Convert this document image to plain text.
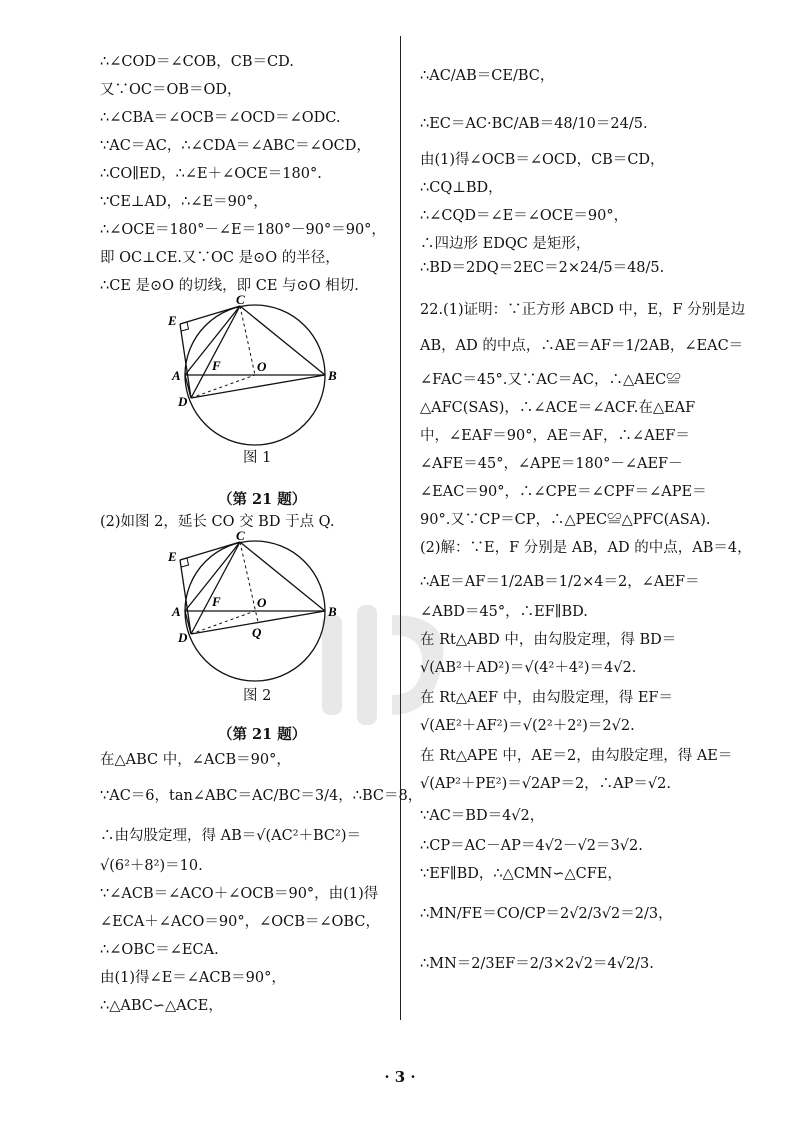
∴∠COD＝∠COB，CB＝CD.
又∵OC＝OB＝OD，
∴∠CBA＝∠OCB＝∠OCD＝∠ODC.
∵AC＝AC，∴∠CDA＝∠ABC＝∠OCD，
∴CO∥ED，∴∠E＋∠OCE＝180°.
∵CE⊥AD，∴∠E＝90°，
∴∠OCE＝180°－∠E＝180°－90°＝90°，
即 OC⊥CE.又∵OC 是⊙O 的半径，
∴CE 是⊙O 的切线，即 CE 与⊙O 相切.
C
E
A
F	O
B
D
图 1
（第 21 题）
(2)如图 2，延长 CO 交 BD 于点 Q.
C
E
A
F	O
B
D	Q
图 2
（第 21 题）
在△ABC 中，∠ACB＝90°，
∵AC＝6，tan∠ABC＝AC/BC＝3/4，∴BC＝8，
∴由勾股定理，得 AB＝√(AC²＋BC²)＝
√(6²＋8²)＝10.
∵∠ACB＝∠ACO＋∠OCB＝90°，由(1)得
∠ECA＋∠ACO＝90°，∠OCB＝∠OBC，
∴∠OBC＝∠ECA.
由(1)得∠E＝∠ACB＝90°，
∴△ABC∽△ACE，
∴AC/AB＝CE/BC，
∴EC＝AC·BC/AB＝48/10＝24/5.
由(1)得∠OCB＝∠OCD，CB＝CD，
∴CQ⊥BD，
∴∠CQD＝∠E＝∠OCE＝90°，
∴四边形 EDQC 是矩形，
∴BD＝2DQ＝2EC＝2×24/5＝48/5.
22.(1)证明：∵正方形 ABCD 中，E，F 分别是边
AB，AD 的中点，∴AE＝AF＝1/2AB，∠EAC＝
∠FAC＝45°.又∵AC＝AC，∴△AEC≌
△AFC(SAS)，∴∠ACE＝∠ACF.在△EAF
中，∠EAF＝90°，AE＝AF，∴∠AEF＝
∠AFE＝45°，∠APE＝180°－∠AEF－
∠EAC＝90°，∴∠CPE＝∠CPF＝∠APE＝
90°.又∵CP＝CP，∴△PEC≌△PFC(ASA).
(2)解：∵E，F 分别是 AB，AD 的中点，AB＝4，
∴AE＝AF＝1/2AB＝1/2×4＝2，∠AEF＝
∠ABD＝45°，∴EF∥BD.
在 Rt△ABD 中，由勾股定理，得 BD＝
√(AB²＋AD²)＝√(4²＋4²)＝4√2.
在 Rt△AEF 中，由勾股定理，得 EF＝
√(AE²＋AF²)＝√(2²＋2²)＝2√2.
在 Rt△APE 中，AE＝2，由勾股定理，得 AE＝
√(AP²＋PE²)＝√2AP＝2，∴AP＝√2.
∵AC＝BD＝4√2，
∴CP＝AC－AP＝4√2－√2＝3√2.
∵EF∥BD，∴△CMN∽△CFE，
∴MN/FE＝CO/CP＝2√2/3√2＝2/3，
∴MN＝2/3EF＝2/3×2√2＝4√2/3.
· 3 ·
